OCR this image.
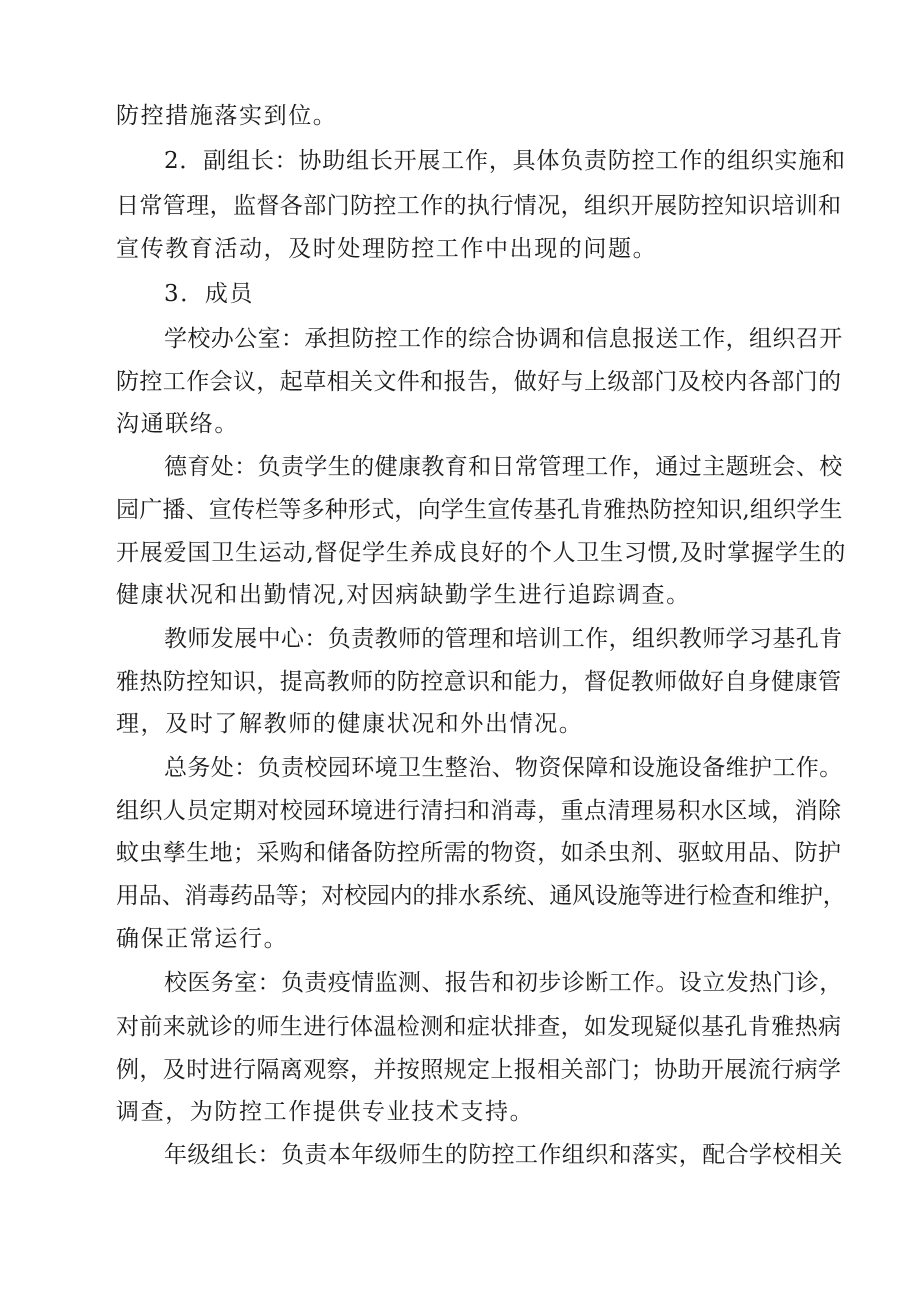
防控措施落实到位。
2．副组长：协助组长开展工作，具体负责防控工作的组织实施和
日常管理，监督各部门防控工作的执行情况，组织开展防控知识培训和
宣传教育活动，及时处理防控工作中出现的问题。
3．成员
学校办公室：承担防控工作的综合协调和信息报送工作，组织召开
防控工作会议，起草相关文件和报告，做好与上级部门及校内各部门的
沟通联络。
德育处：负责学生的健康教育和日常管理工作，通过主题班会、校
园广播、宣传栏等多种形式，向学生宣传基孔肯雅热防控知识,组织学生
开展爱国卫生运动,督促学生养成良好的个人卫生习惯,及时掌握学生的
健康状况和出勤情况,对因病缺勤学生进行追踪调查。
教师发展中心：负责教师的管理和培训工作，组织教师学习基孔肯
雅热防控知识，提高教师的防控意识和能力，督促教师做好自身健康管
理，及时了解教师的健康状况和外出情况。
总务处：负责校园环境卫生整治、物资保障和设施设备维护工作。
组织人员定期对校园环境进行清扫和消毒，重点清理易积水区域，消除
蚊虫孳生地；采购和储备防控所需的物资，如杀虫剂、驱蚊用品、防护
用品、消毒药品等；对校园内的排水系统、通风设施等进行检查和维护，
确保正常运行。
校医务室：负责疫情监测、报告和初步诊断工作。设立发热门诊，
对前来就诊的师生进行体温检测和症状排查，如发现疑似基孔肯雅热病
例，及时进行隔离观察，并按照规定上报相关部门；协助开展流行病学
调查，为防控工作提供专业技术支持。
年级组长：负责本年级师生的防控工作组织和落实，配合学校相关
